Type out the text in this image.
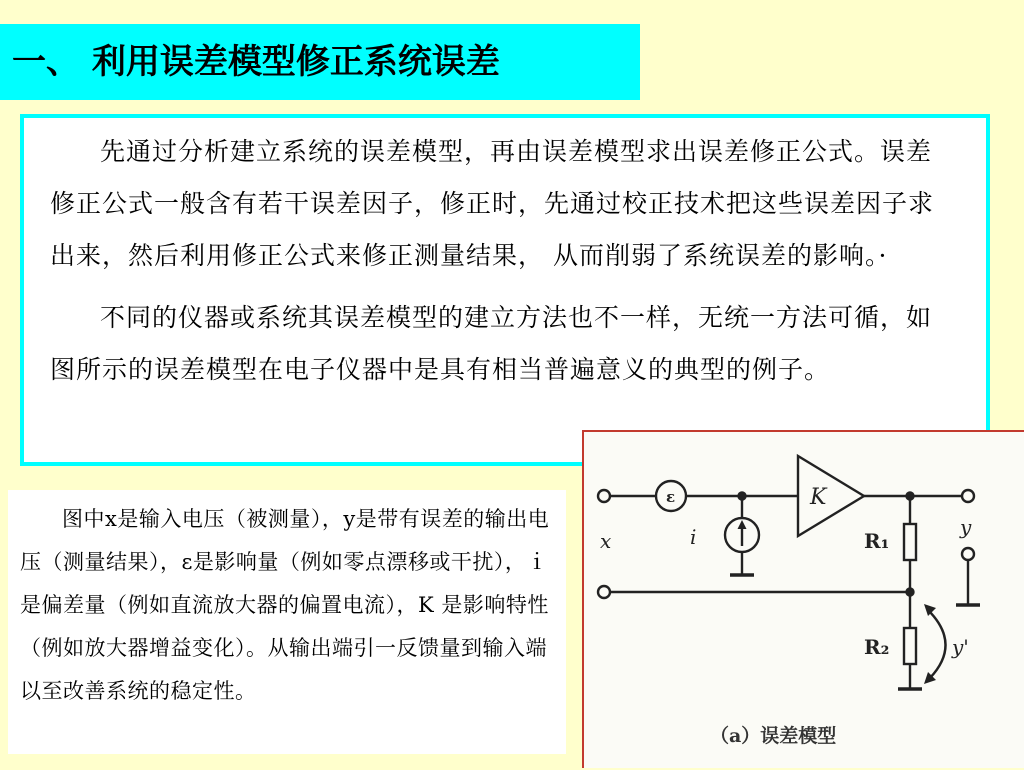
一、 利用误差模型修正系统误差

先通过分析建立系统的误差模型，再由误差模型求出误差修正公式。误差修正公式一般含有若干误差因子，修正时，先通过校正技术把这些误差因子求出来，然后利用修正公式来修正测量结果， 从而削弱了系统误差的影响。·

不同的仪器或系统其误差模型的建立方法也不一样，无统一方法可循，如图所示的误差模型在电子仪器中是具有相当普遍意义的典型的例子。

图中x是输入电压（被测量），y是带有误差的输出电压（测量结果），ε是影响量（例如零点漂移或干扰），ｉ是偏差量（例如直流放大器的偏置电流），K 是影响特性（例如放大器增益变化）。从输出端引一反馈量到输入端以至改善系统的稳定性。

x
ε
i
K
R₁
R₂
y
y'
（a）误差模型
